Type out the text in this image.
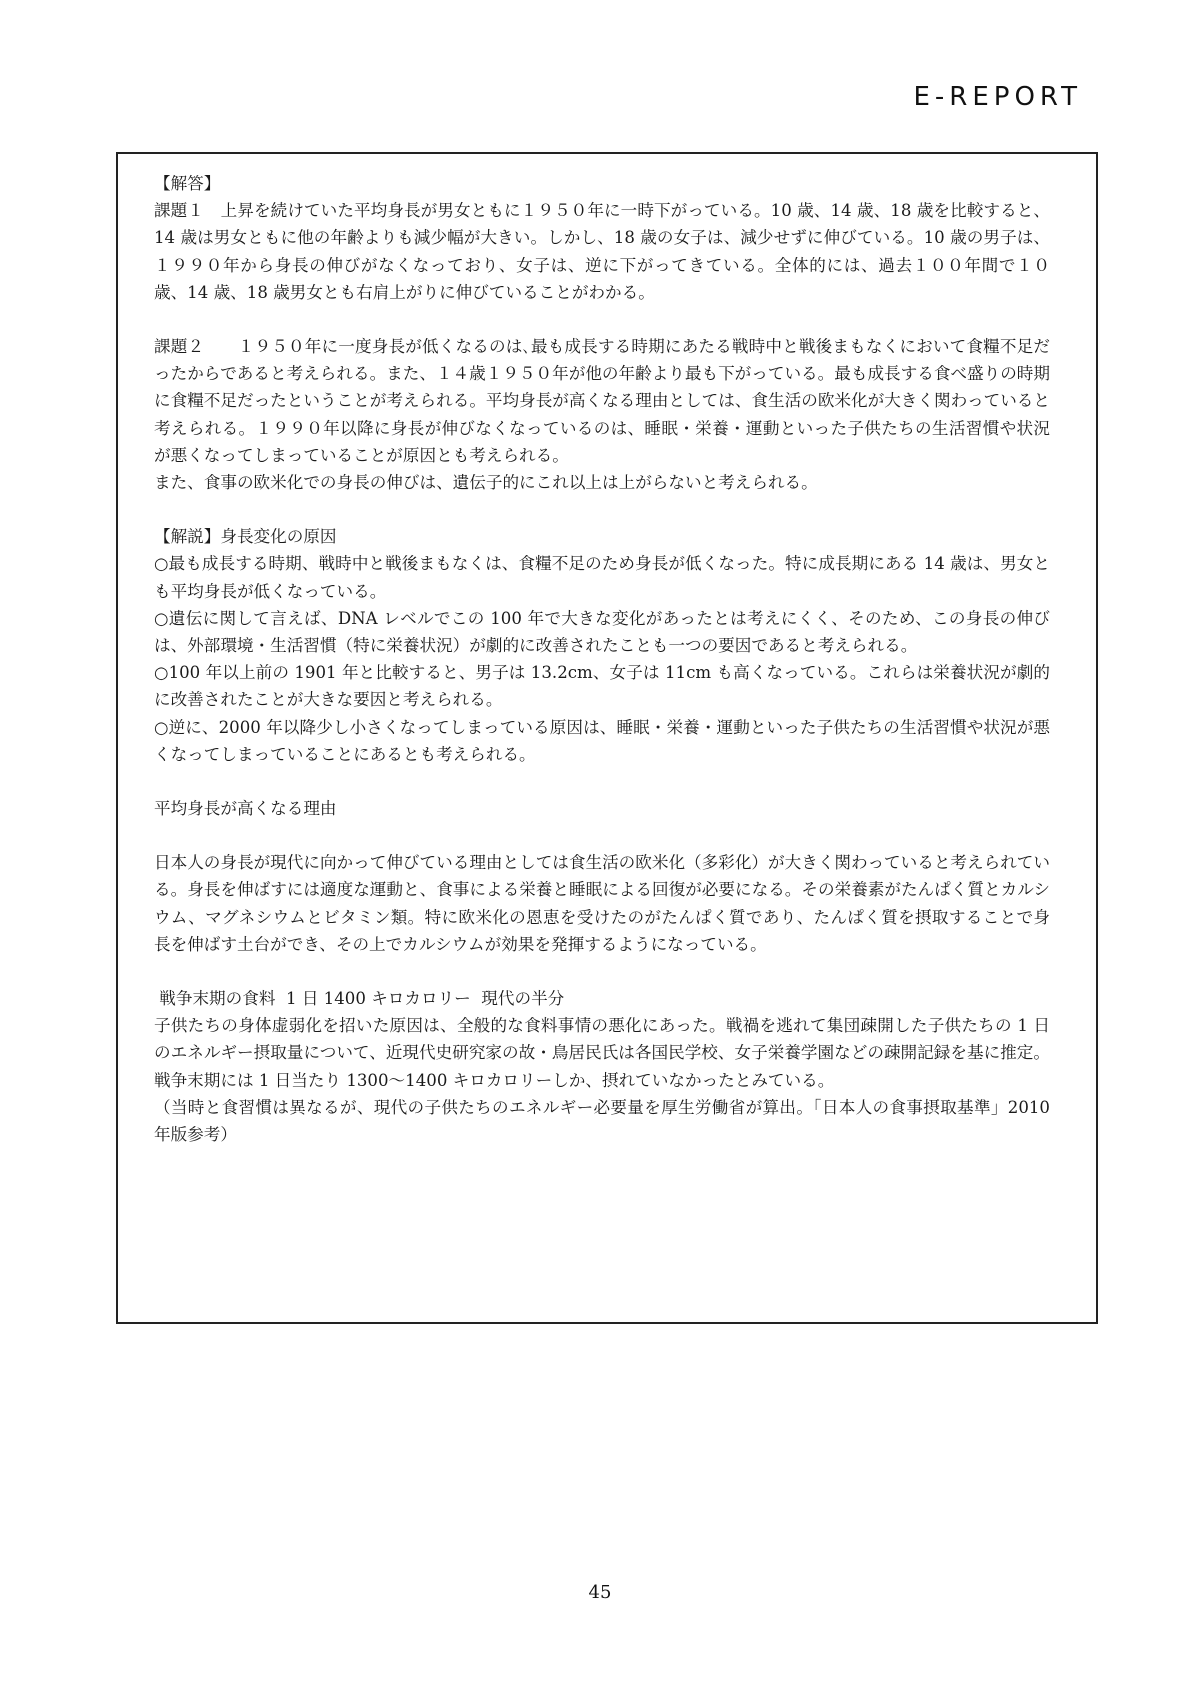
E-REPORT

【解答】

課題１　上昇を続けていた平均身長が男女ともに１９５０年に一時下がっている。10 歳、14 歳、18 歳を比較すると、14 歳は男女ともに他の年齢よりも減少幅が大きい。しかし、18 歳の女子は、減少せずに伸びている。10 歳の男子は、１９９０年から身長の伸びがなくなっており、女子は、逆に下がってきている。全体的には、過去１００年間で１０歳、14 歳、18 歳男女とも右肩上がりに伸びていることがわかる。

課題２　　１９５０年に一度身長が低くなるのは､最も成長する時期にあたる戦時中と戦後まもなくにおいて食糧不足だったからであると考えられる。また、１４歳１９５０年が他の年齢より最も下がっている。最も成長する食べ盛りの時期に食糧不足だったということが考えられる。平均身長が高くなる理由としては、食生活の欧米化が大きく関わっていると考えられる。１９９０年以降に身長が伸びなくなっているのは、睡眠・栄養・運動といった子供たちの生活習慣や状況が悪くなってしまっていることが原因とも考えられる。

また、食事の欧米化での身長の伸びは、遺伝子的にこれ以上は上がらないと考えられる。

【解説】身長変化の原因

○最も成長する時期、戦時中と戦後まもなくは、食糧不足のため身長が低くなった。特に成長期にある 14 歳は、男女とも平均身長が低くなっている。

○遺伝に関して言えば、DNA レベルでこの 100 年で大きな変化があったとは考えにくく、そのため、この身長の伸びは、外部環境・生活習慣（特に栄養状況）が劇的に改善されたことも一つの要因であると考えられる。

○100 年以上前の 1901 年と比較すると、男子は 13.2cm、女子は 11cm も高くなっている。これらは栄養状況が劇的に改善されたことが大きな要因と考えられる。

○逆に、2000 年以降少し小さくなってしまっている原因は、睡眠・栄養・運動といった子供たちの生活習慣や状況が悪くなってしまっていることにあるとも考えられる。

平均身長が高くなる理由

日本人の身長が現代に向かって伸びている理由としては食生活の欧米化（多彩化）が大きく関わっていると考えられている。身長を伸ばすには適度な運動と、食事による栄養と睡眠による回復が必要になる。その栄養素がたんぱく質とカルシウム、マグネシウムとビタミン類。特に欧米化の恩恵を受けたのがたんぱく質であり、たんぱく質を摂取することで身長を伸ばす土台ができ、その上でカルシウムが効果を発揮するようになっている。

戦争末期の食料  1 日 1400 キロカロリー  現代の半分

子供たちの身体虚弱化を招いた原因は、全般的な食料事情の悪化にあった。戦禍を逃れて集団疎開した子供たちの 1 日のエネルギー摂取量について、近現代史研究家の故・鳥居民氏は各国民学校、女子栄養学園などの疎開記録を基に推定。戦争末期には 1 日当たり 1300～1400 キロカロリーしか、摂れていなかったとみている。

（当時と食習慣は異なるが、現代の子供たちのエネルギー必要量を厚生労働省が算出。「日本人の食事摂取基準」2010 年版参考）

45
